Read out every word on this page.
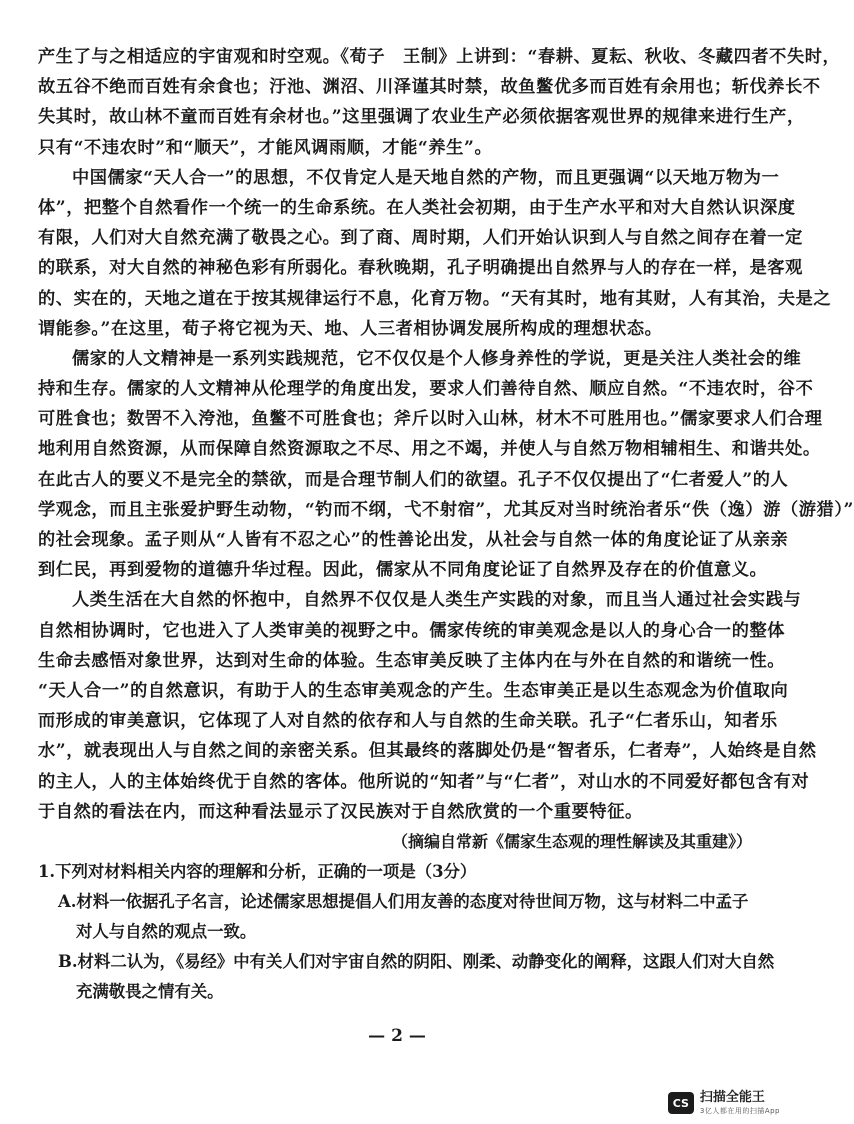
产生了与之相适应的宇宙观和时空观。《荀子　王制》上讲到：“春耕、夏耘、秋收、冬藏四者不失时，
故五谷不绝而百姓有余食也；汙池、渊沼、川泽谨其时禁，故鱼鳖优多而百姓有余用也；斩伐养长不
失其时，故山林不童而百姓有余材也。”这里强调了农业生产必须依据客观世界的规律来进行生产，
只有“不违农时”和“顺天”，才能风调雨顺，才能“养生”。
中国儒家“天人合一”的思想，不仅肯定人是天地自然的产物，而且更强调“以天地万物为一
体”，把整个自然看作一个统一的生命系统。在人类社会初期，由于生产水平和对大自然认识深度
有限，人们对大自然充满了敬畏之心。到了商、周时期，人们开始认识到人与自然之间存在着一定
的联系，对大自然的神秘色彩有所弱化。春秋晚期，孔子明确提出自然界与人的存在一样，是客观
的、实在的，天地之道在于按其规律运行不息，化育万物。“天有其时，地有其财，人有其治，夫是之
谓能参。”在这里，荀子将它视为天、地、人三者相协调发展所构成的理想状态。
儒家的人文精神是一系列实践规范，它不仅仅是个人修身养性的学说，更是关注人类社会的维
持和生存。儒家的人文精神从伦理学的角度出发，要求人们善待自然、顺应自然。“不违农时，谷不
可胜食也；数罟不入洿池，鱼鳖不可胜食也；斧斤以时入山林，材木不可胜用也。”儒家要求人们合理
地利用自然资源，从而保障自然资源取之不尽、用之不竭，并使人与自然万物相辅相生、和谐共处。
在此古人的要义不是完全的禁欲，而是合理节制人们的欲望。孔子不仅仅提出了“仁者爱人”的人
学观念，而且主张爱护野生动物，“钓而不纲，弋不射宿”，尤其反对当时统治者乐“佚（逸）游（游猎）”
的社会现象。孟子则从“人皆有不忍之心”的性善论出发，从社会与自然一体的角度论证了从亲亲
到仁民，再到爱物的道德升华过程。因此，儒家从不同角度论证了自然界及存在的价值意义。
人类生活在大自然的怀抱中，自然界不仅仅是人类生产实践的对象，而且当人通过社会实践与
自然相协调时，它也进入了人类审美的视野之中。儒家传统的审美观念是以人的身心合一的整体
生命去感悟对象世界，达到对生命的体验。生态审美反映了主体内在与外在自然的和谐统一性。
“天人合一”的自然意识，有助于人的生态审美观念的产生。生态审美正是以生态观念为价值取向
而形成的审美意识，它体现了人对自然的依存和人与自然的生命关联。孔子“仁者乐山，知者乐
水”，就表现出人与自然之间的亲密关系。但其最终的落脚处仍是“智者乐，仁者寿”，人始终是自然
的主人，人的主体始终优于自然的客体。他所说的“知者”与“仁者”，对山水的不同爱好都包含有对
于自然的看法在内，而这种看法显示了汉民族对于自然欣赏的一个重要特征。
（摘编自常新《儒家生态观的理性解读及其重建》）
1.下列对材料相关内容的理解和分析，正确的一项是（3分）
A.材料一依据孔子名言，论述儒家思想提倡人们用友善的态度对待世间万物，这与材料二中孟子
对人与自然的观点一致。
B.材料二认为，《易经》中有关人们对宇宙自然的阴阳、刚柔、动静变化的阐释，这跟人们对大自然
充满敬畏之情有关。
— 2 —
CS 扫描全能王
3亿人都在用的扫描App
